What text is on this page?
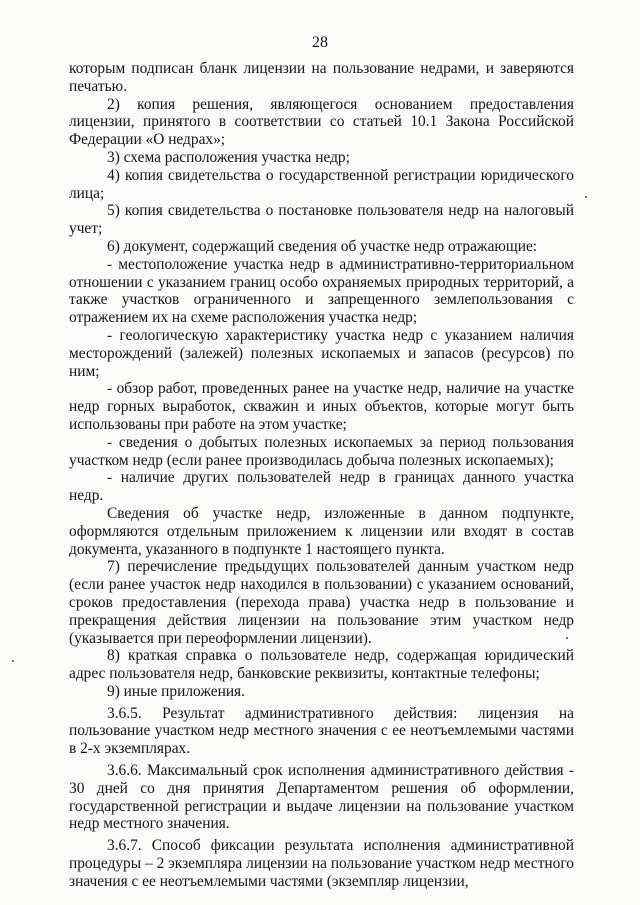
28

которым подписан бланк лицензии на пользование недрами, и заверяются печатью.

2) копия решения, являющегося основанием предоставления лицензии, принятого в соответствии со статьей 10.1 Закона Российской Федерации «О недрах»;

3) схема расположения участка недр;

4) копия свидетельства о государственной регистрации юридического лица;

5) копия свидетельства о постановке пользователя недр на налоговый учет;

6) документ, содержащий сведения об участке недр отражающие:

- местоположение участка недр в административно-территориальном отношении с указанием границ особо охраняемых природных территорий, а также участков ограниченного и запрещенного землепользования с отражением их на схеме расположения участка недр;

- геологическую характеристику участка недр с указанием наличия месторождений (залежей) полезных ископаемых и запасов (ресурсов) по ним;

- обзор работ, проведенных ранее на участке недр, наличие на участке недр горных выработок, скважин и иных объектов, которые могут быть использованы при работе на этом участке;

- сведения о добытых полезных ископаемых за период пользования участком недр (если ранее производилась добыча полезных ископаемых);

- наличие других пользователей недр в границах данного участка недр.

Сведения об участке недр, изложенные в данном подпункте, оформляются отдельным приложением к лицензии или входят в состав документа, указанного в подпункте 1 настоящего пункта.

7) перечисление предыдущих пользователей данным участком недр (если ранее участок недр находился в пользовании) с указанием оснований, сроков предоставления (перехода права) участка недр в пользование и прекращения действия лицензии на пользование этим участком недр (указывается при переоформлении лицензии).

8) краткая справка о пользователе недр, содержащая юридический адрес пользователя недр, банковские реквизиты, контактные телефоны;

9) иные приложения.

3.6.5. Результат административного действия: лицензия на пользование участком недр местного значения с ее неотъемлемыми частями в 2-х экземплярах.

3.6.6. Максимальный срок исполнения административного действия - 30 дней со дня принятия Департаментом решения об оформлении, государственной регистрации и выдаче лицензии на пользование участком недр местного значения.

3.6.7. Способ фиксации результата исполнения административной процедуры – 2 экземпляра лицензии на пользование участком недр местного значения с ее неотъемлемыми частями (экземпляр лицензии,
